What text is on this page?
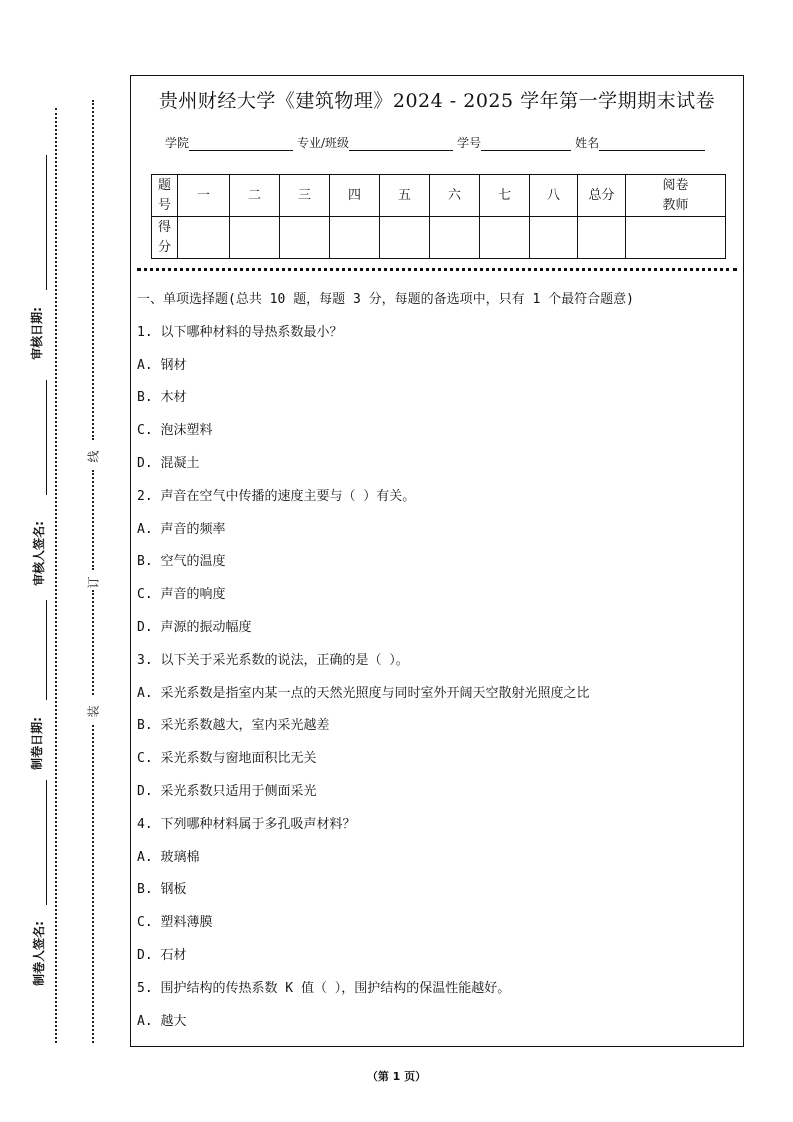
审核日期:
审核人签名:
制卷日期:
制卷人签名:
线
订
装
贵州财经大学《建筑物理》2024 - 2025 学年第一学期期末试卷
学院	专业/班级	学号	姓名
题号	一	二	三	四	五	六	七	八	总分	阅卷教师
得分										
一、单项选择题(总共 10 题，每题 3 分，每题的备选项中，只有 1 个最符合题意)
1. 以下哪种材料的导热系数最小？
A. 钢材
B. 木材
C. 泡沫塑料
D. 混凝土
2. 声音在空气中传播的速度主要与（ ）有关。
A. 声音的频率
B. 空气的温度
C. 声音的响度
D. 声源的振动幅度
3. 以下关于采光系数的说法，正确的是（ ）。
A. 采光系数是指室内某一点的天然光照度与同时室外开阔天空散射光照度之比
B. 采光系数越大，室内采光越差
C. 采光系数与窗地面积比无关
D. 采光系数只适用于侧面采光
4. 下列哪种材料属于多孔吸声材料？
A. 玻璃棉
B. 钢板
C. 塑料薄膜
D. 石材
5. 围护结构的传热系数 K 值（ ），围护结构的保温性能越好。
A. 越大
（第 1 页）
